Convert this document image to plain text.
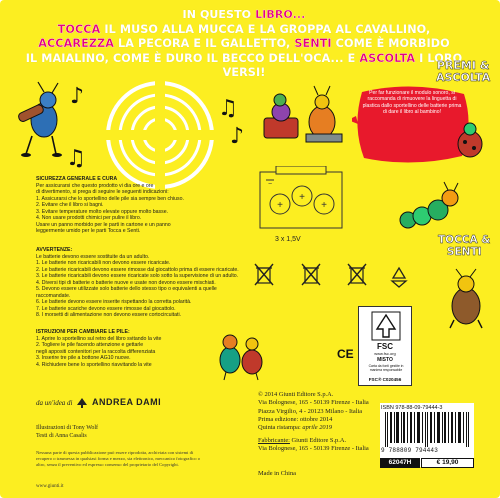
IN QUESTO LIBRO...
TOCCA IL MUSO ALLA MUCCA E LA GROPPA AL CAVALLINO,
ACCAREZZA LA PECORA E IL GALLETTO, SENTI COME È MORBIDO
IL MAIALINO, COME È DURO IL BECCO DELL'OCA... E ASCOLTA I LORO VERSI!
♪
♫
♫
♪
PREMI &
ASCOLTA
Per far funzionare il modulo sonoro, si raccomanda di rimuovere la linguetta di plastica dallo sportellino delle batterie prima di dare il libro al bambino!
SICUREZZA GENERALE E CURA
Per assicurarsi che questo prodotto vi dia ore e ore
di divertimento, si prega di seguire le seguenti indicazioni:
1. Assicurarsi che lo sportellino delle pile sia sempre ben chiuso.
2. Evitare che il libro si bagni.
3. Evitare temperature molto elevate oppure molto basse.
4. Non usare prodotti chimici per pulire il libro.
Usare un panno morbido per le parti in cartone e un panno
leggermente umido per le parti Tocca e Senti.
AVVERTENZE:
Le batterie devono essere sostituite da un adulto.
1. Le batterie non ricaricabili non devono essere ricaricate.
2. Le batterie ricaricabili devono essere rimosse dal giocattolo prima di essere ricaricate.
3. Le batterie ricaricabili devono essere ricaricate solo sotto la supervisione di un adulto.
4. Diversi tipi di batterie o batterie nuove e usate non devono essere mischiati.
5. Devono essere utilizzate solo batterie dello stesso tipo o equivalenti a quelle raccomandate.
6. Le batterie devono essere inserite rispettando la corretta polarità.
7. Le batterie scariche devono essere rimosse dal giocattolo.
8. I morsetti di alimentazione non devono essere cortocircuitati.
ISTRUZIONI PER CAMBIARE LE PILE:
1. Aprire lo sportellino sul retro del libro svitando la vite
2. Togliere le pile facendo attenzione e gettarle
negli appositi contenitori per la raccolta differenziata
3. Inserire tre pile a bottone AG10 nuove.
4. Richiudere bene lo sportellino riavvitando la vite
+
+
+
−
3 x 1,5V	TOCCA &
SENTI
FSC
www.fsc.org
MISTO
Carta da fonti gestite in maniera responsabile
FSC® C020456
CE
da un'idea di ANDREA DAMI
Illustrazioni di Tony Wolf
Testi di Anna Casalis
Nessuna parte di questa pubblicazione può essere riprodotta, archiviata con sistemi di recupero o trasmessa in qualsiasi forma e mezzo, sia elettronico, meccanico fotografico o altro, senza il preventivo ed espresso consenso del proprietario del Copyright.
www.giunti.it
© 2014 Giunti Editore S.p.A.
Via Bolognese, 165 - 50139 Firenze - Italia
Piazza Virgilio, 4 - 20123 Milano - Italia
Prima edizione: ottobre 2014
Quinta ristampa: aprile 2019
Fabbricante: Giunti Editore S.p.A.
Via Bolognese, 165 - 50139 Firenze - Italia
Made in China
ISBN 978-88-09-79444-3
9 788809 794443
62047H	€ 19,90
